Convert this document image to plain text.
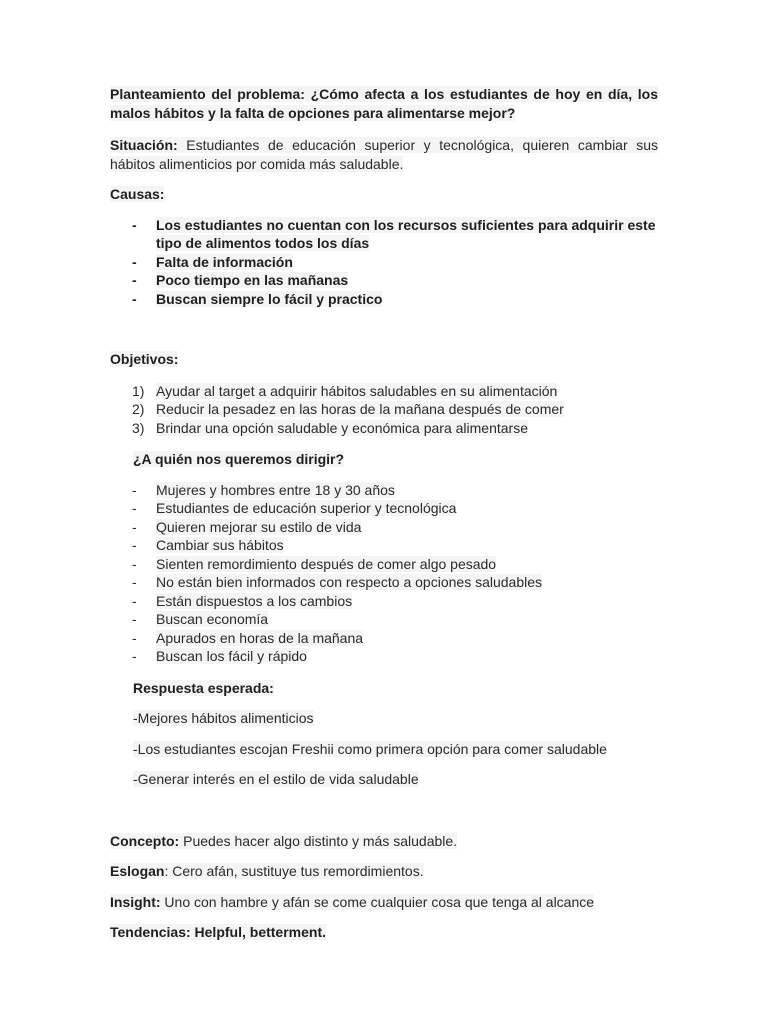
Planteamiento del problema: ¿Cómo afecta a los estudiantes de hoy en día, los malos hábitos y la falta de opciones para alimentarse mejor?

Situación: Estudiantes de educación superior y tecnológica, quieren cambiar sus hábitos alimenticios por comida más saludable.

Causas:

- Los estudiantes no cuentan con los recursos suficientes para adquirir este tipo de alimentos todos los días
- Falta de información
- Poco tiempo en las mañanas
- Buscan siempre lo fácil y practico

Objetivos:

1) Ayudar al target a adquirir hábitos saludables en su alimentación
2) Reducir la pesadez en las horas de la mañana después de comer
3) Brindar una opción saludable y económica para alimentarse

¿A quién nos queremos dirigir?

- Mujeres y hombres entre 18 y 30 años
- Estudiantes de educación superior y tecnológica
- Quieren mejorar su estilo de vida
- Cambiar sus hábitos
- Sienten remordimiento después de comer algo pesado
- No están bien informados con respecto a opciones saludables
- Están dispuestos a los cambios
- Buscan economía
- Apurados en horas de la mañana
- Buscan los fácil y rápido

Respuesta esperada:

-Mejores hábitos alimenticios

-Los estudiantes escojan Freshii como primera opción para comer saludable

-Generar interés en el estilo de vida saludable

Concepto: Puedes hacer algo distinto y más saludable.

Eslogan: Cero afán, sustituye tus remordimientos.

Insight: Uno con hambre y afán se come cualquier cosa que tenga al alcance

Tendencias: Helpful, betterment.
